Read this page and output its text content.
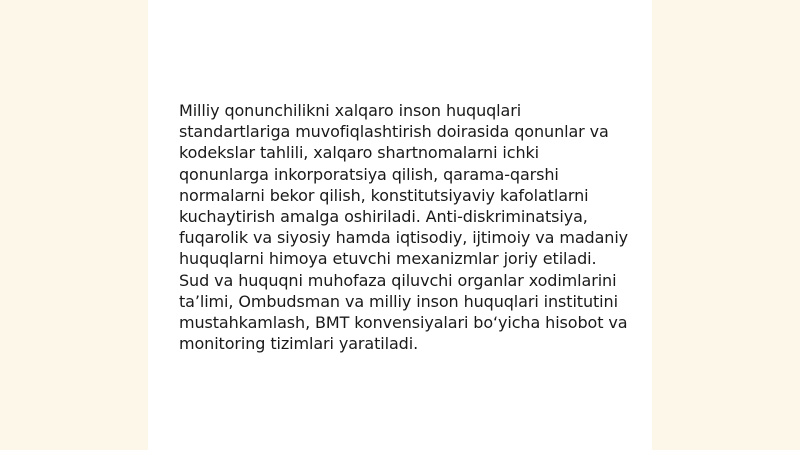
Milliy qonunchilikni xalqaro inson huquqlari standartlariga muvofiqlashtirish doirasida qonunlar va kodekslar tahlili, xalqaro shartnomalarni ichki qonunlarga inkorporatsiya qilish, qarama-qarshi normalarni bekor qilish, konstitutsiyaviy kafolatlarni kuchaytirish amalga oshiriladi. Anti-diskriminatsiya, fuqarolik va siyosiy hamda iqtisodiy, ijtimoiy va madaniy huquqlarni himoya etuvchi mexanizmlar joriy etiladi. Sud va huquqni muhofaza qiluvchi organlar xodimlarini ta’limi, Ombudsman va milliy inson huquqlari institutini mustahkamlash, BMT konvensiyalari bo‘yicha hisobot va monitoring tizimlari yaratiladi.
